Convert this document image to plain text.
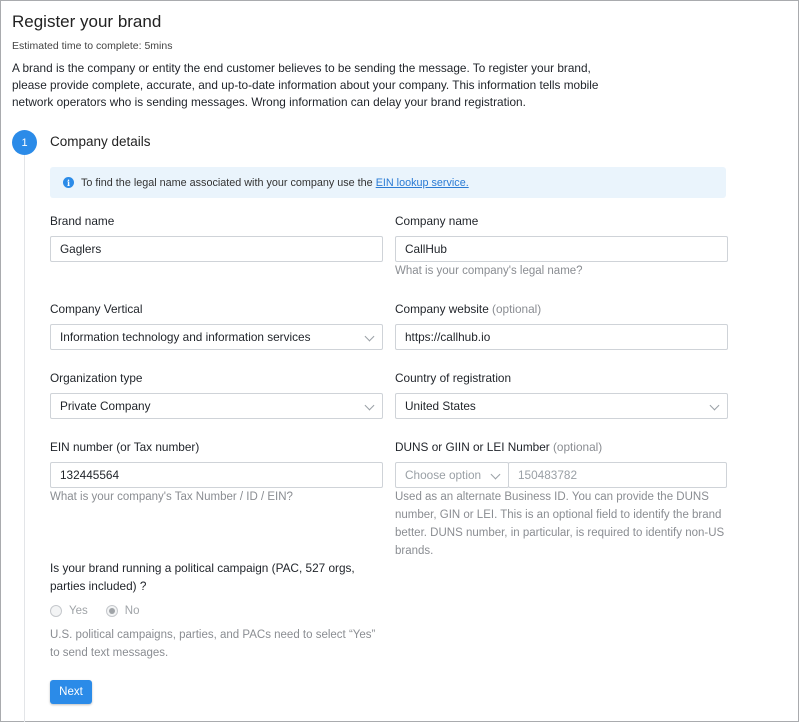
Register your brand
Estimated time to complete: 5mins
A brand is the company or entity the end customer believes to be sending the message. To register your brand, please provide complete, accurate, and up-to-date information about your company. This information tells mobile network operators who is sending messages. Wrong information can delay your brand registration.
1	Company details
i	To find the legal name associated with your company use the EIN lookup service.
Brand name
Gaglers
Company name
CallHub
What is your company's legal name?
Company Vertical
Information technology and information services
Company website (optional)
https://callhub.io
Organization type
Private Company
Country of registration
United States
EIN number (or Tax number)
132445564
What is your company's Tax Number / ID / EIN?
DUNS or GIIN or LEI Number (optional)
Choose option	150483782
Used as an alternate Business ID. You can provide the DUNS number, GIN or LEI. This is an optional field to identify the brand better. DUNS number, in particular, is required to identify non-US brands.
Is your brand running a political campaign (PAC, 527 orgs, parties included) ?
Yes	No
U.S. political campaigns, parties, and PACs need to select “Yes” to send text messages.
Next
